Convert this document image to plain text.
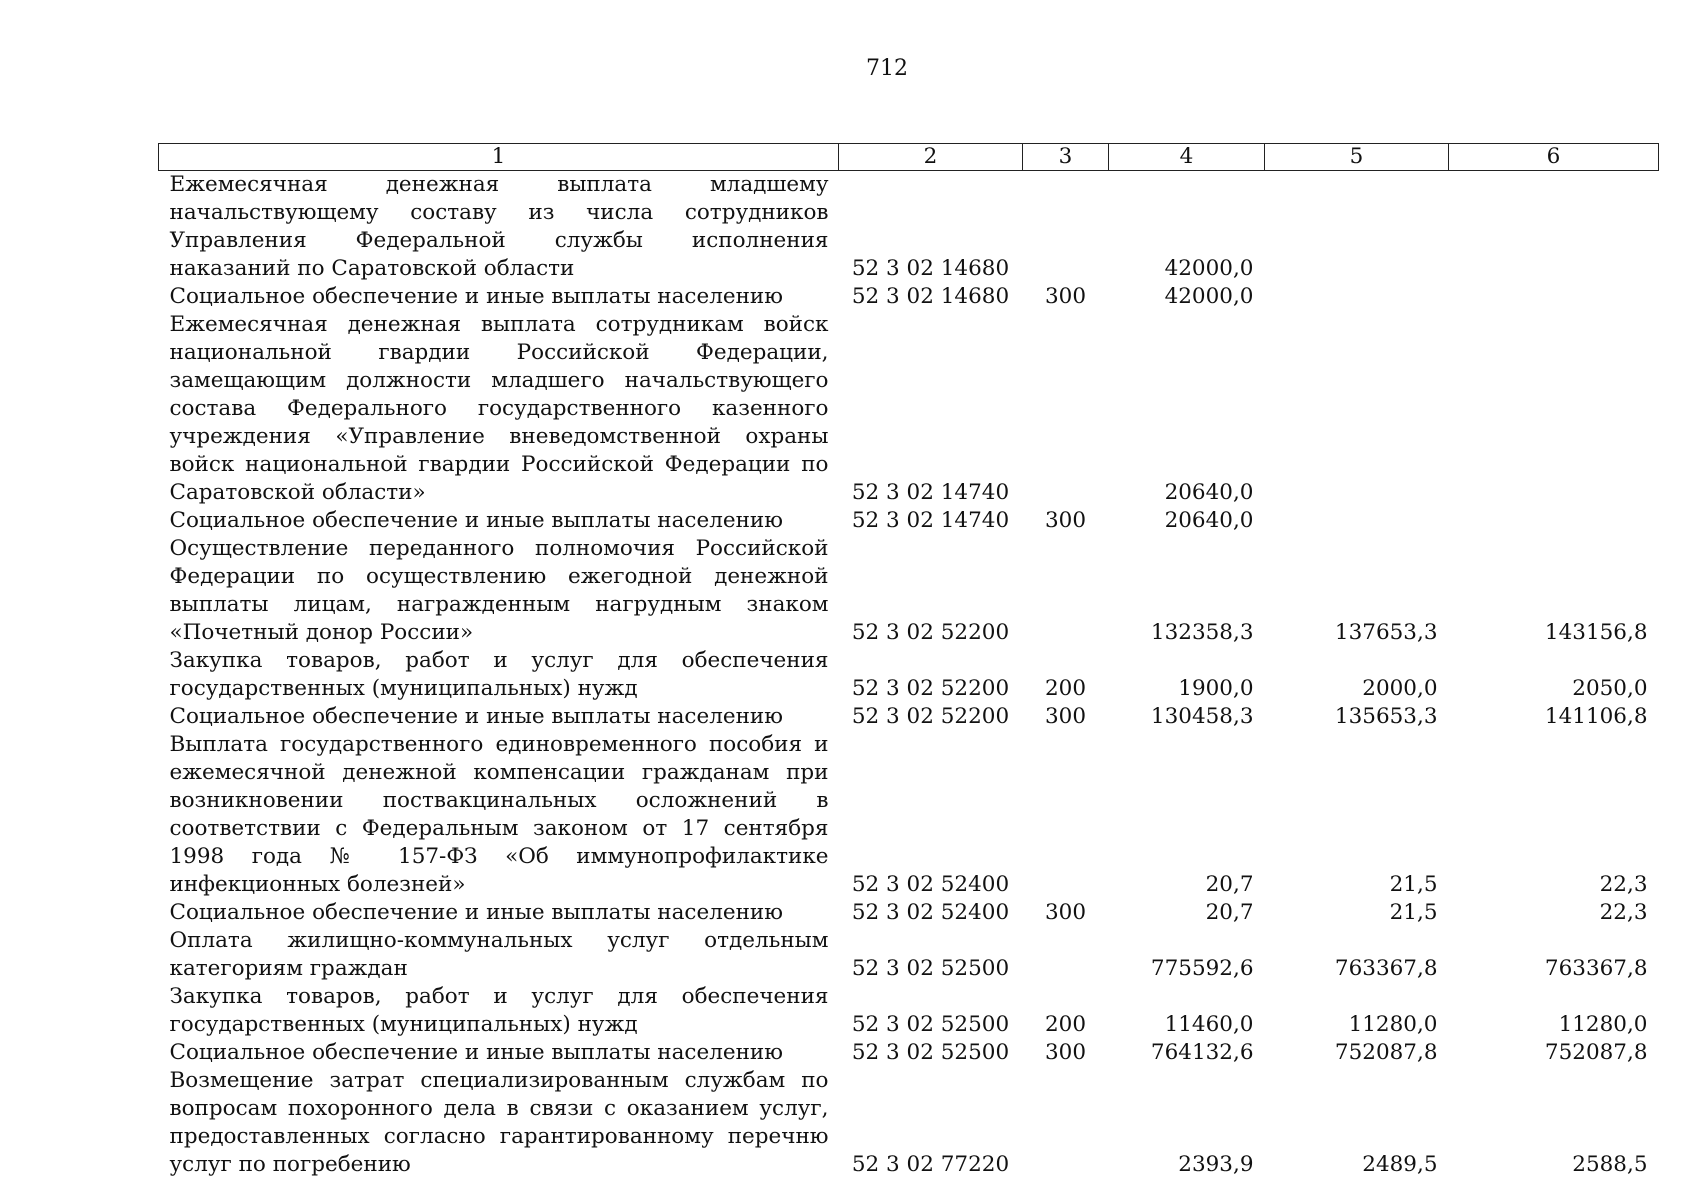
712
1	2	3	4	5	6
Ежемесячная денежная выплата младшему начальствующему составу из числа сотрудников Управления Федеральной службы исполнения наказаний по Саратовской области	52 3 02 14680		42000,0		
Социальное обеспечение и иные выплаты населению	52 3 02 14680	300	42000,0		
Ежемесячная денежная выплата сотрудникам войск национальной гвардии Российской Федерации, замещающим должности младшего начальствующего состава Федерального государственного казенного учреждения «Управление вневедомственной охраны войск национальной гвардии Российской Федерации по Саратовской области»	52 3 02 14740		20640,0		
Социальное обеспечение и иные выплаты населению	52 3 02 14740	300	20640,0		
Осуществление переданного полномочия Российской Федерации по осуществлению ежегодной денежной выплаты лицам, награжденным нагрудным знаком «Почетный донор России»	52 3 02 52200		132358,3	137653,3	143156,8
Закупка товаров, работ и услуг для обеспечения государственных (муниципальных) нужд	52 3 02 52200	200	1900,0	2000,0	2050,0
Социальное обеспечение и иные выплаты населению	52 3 02 52200	300	130458,3	135653,3	141106,8
Выплата государственного единовременного пособия и ежемесячной денежной компенсации гражданам при возникновении поствакцинальных осложнений в соответствии с Федеральным законом от 17 сентября 1998 года № 157-ФЗ «Об иммунопрофилактике инфекционных болезней»	52 3 02 52400		20,7	21,5	22,3
Социальное обеспечение и иные выплаты населению	52 3 02 52400	300	20,7	21,5	22,3
Оплата жилищно-коммунальных услуг отдельным категориям граждан	52 3 02 52500		775592,6	763367,8	763367,8
Закупка товаров, работ и услуг для обеспечения государственных (муниципальных) нужд	52 3 02 52500	200	11460,0	11280,0	11280,0
Социальное обеспечение и иные выплаты населению	52 3 02 52500	300	764132,6	752087,8	752087,8
Возмещение затрат специализированным службам по вопросам похоронного дела в связи с оказанием услуг, предоставленных согласно гарантированному перечню услуг по погребению	52 3 02 77220		2393,9	2489,5	2588,5
